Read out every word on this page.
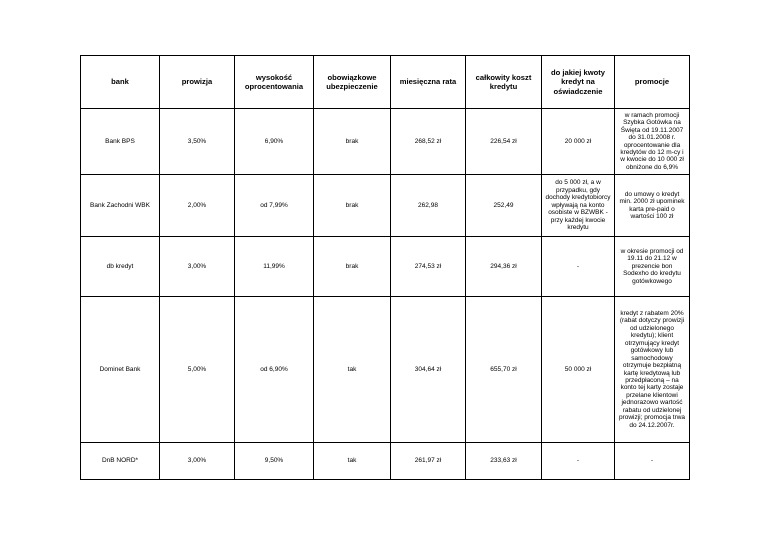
bank	prowizja	wysokość oprocentowania	obowiązkowe ubezpieczenie	miesięczna rata	całkowity koszt kredytu	do jakiej kwoty kredyt na oświadczenie	promocje
Bank BPS	3,50%	6,90%	brak	268,52 zł	226,54 zł	20 000 zł	w ramach promocji Szybka Gotówka na Święta od 19.11.2007 do 31.01.2008 r. oprocentowanie dla kredytów do 12 m-cy i w kwocie do 10 000 zł obniżone do 6,9%
Bank Zachodni WBK	2,00%	od 7,99%	brak	262,98	252,49	do 5 000 zł, a w przypadku, gdy dochody kredytobiorcy wpływają na konto osobiste w BZWBK - przy każdej kwocie kredytu	do umowy o kredyt min. 2000 zł upominek karta pre-paid o wartości 100 zł
db kredyt	3,00%	11,99%	brak	274,53 zł	294,36 zł	-	w okresie promocji od 19.11 do 21.12 w prezencie bon Sodexho do kredytu gotówkowego
Dominet Bank	5,00%	od 6,90%	tak	304,64 zł	655,70 zł	50 000 zł	kredyt z rabatem 20% (rabat dotyczy prowizji od udzielonego kredytu); klient otrzymujący kredyt gotówkowy lub samochodowy otrzymuje bezpłatną kartę kredytową lub przedpłaconą – na konto tej karty zostaje przelane klientowi jednorazowo wartość rabatu od udzielonej prowizji; promocja trwa do 24.12.2007r.
DnB NORD*	3,00%	9,50%	tak	261,97 zł	233,63 zł	-	-
